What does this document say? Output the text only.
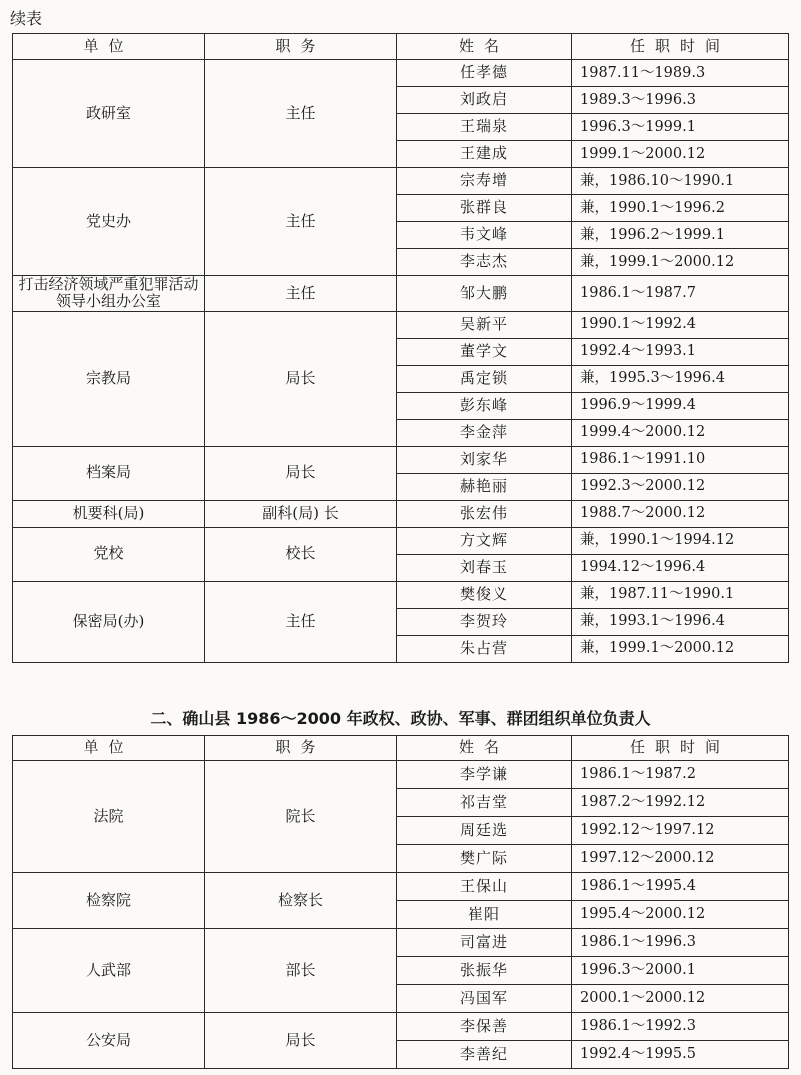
续表
单位	职务	姓名	任职时间
政研室	主任	任孝德	1987.11～1989.3
		刘政启	1989.3～1996.3
		王瑞泉	1996.3～1999.1
		王建成	1999.1～2000.12
党史办	主任	宗寿增	兼，1986.10～1990.1
		张群良	兼，1990.1～1996.2
		韦文峰	兼，1996.2～1999.1
		李志杰	兼，1999.1～2000.12
打击经济领域严重犯罪活动领导小组办公室	主任	邹大鹏	1986.1～1987.7
宗教局	局长	吴新平	1990.1～1992.4
		董学文	1992.4～1993.1
		禹定锁	兼，1995.3～1996.4
		彭东峰	1996.9～1999.4
		李金萍	1999.4～2000.12
档案局	局长	刘家华	1986.1～1991.10
		赫艳丽	1992.3～2000.12
机要科(局)	副科(局) 长	张宏伟	1988.7～2000.12
党校	校长	方文辉	兼，1990.1～1994.12
		刘春玉	1994.12～1996.4
保密局(办)	主任	樊俊义	兼，1987.11～1990.1
		李贺玲	兼，1993.1～1996.4
		朱占营	兼，1999.1～2000.12
二、确山县 1986～2000 年政权、政协、军事、群团组织单位负责人
单位	职务	姓名	任职时间
法院	院长	李学谦	1986.1～1987.2
		祁吉堂	1987.2～1992.12
		周廷选	1992.12～1997.12
		樊广际	1997.12～2000.12
检察院	检察长	王保山	1986.1～1995.4
		崔阳	1995.4～2000.12
人武部	部长	司富进	1986.1～1996.3
		张振华	1996.3～2000.1
		冯国军	2000.1～2000.12
公安局	局长	李保善	1986.1～1992.3
		李善纪	1992.4～1995.5
